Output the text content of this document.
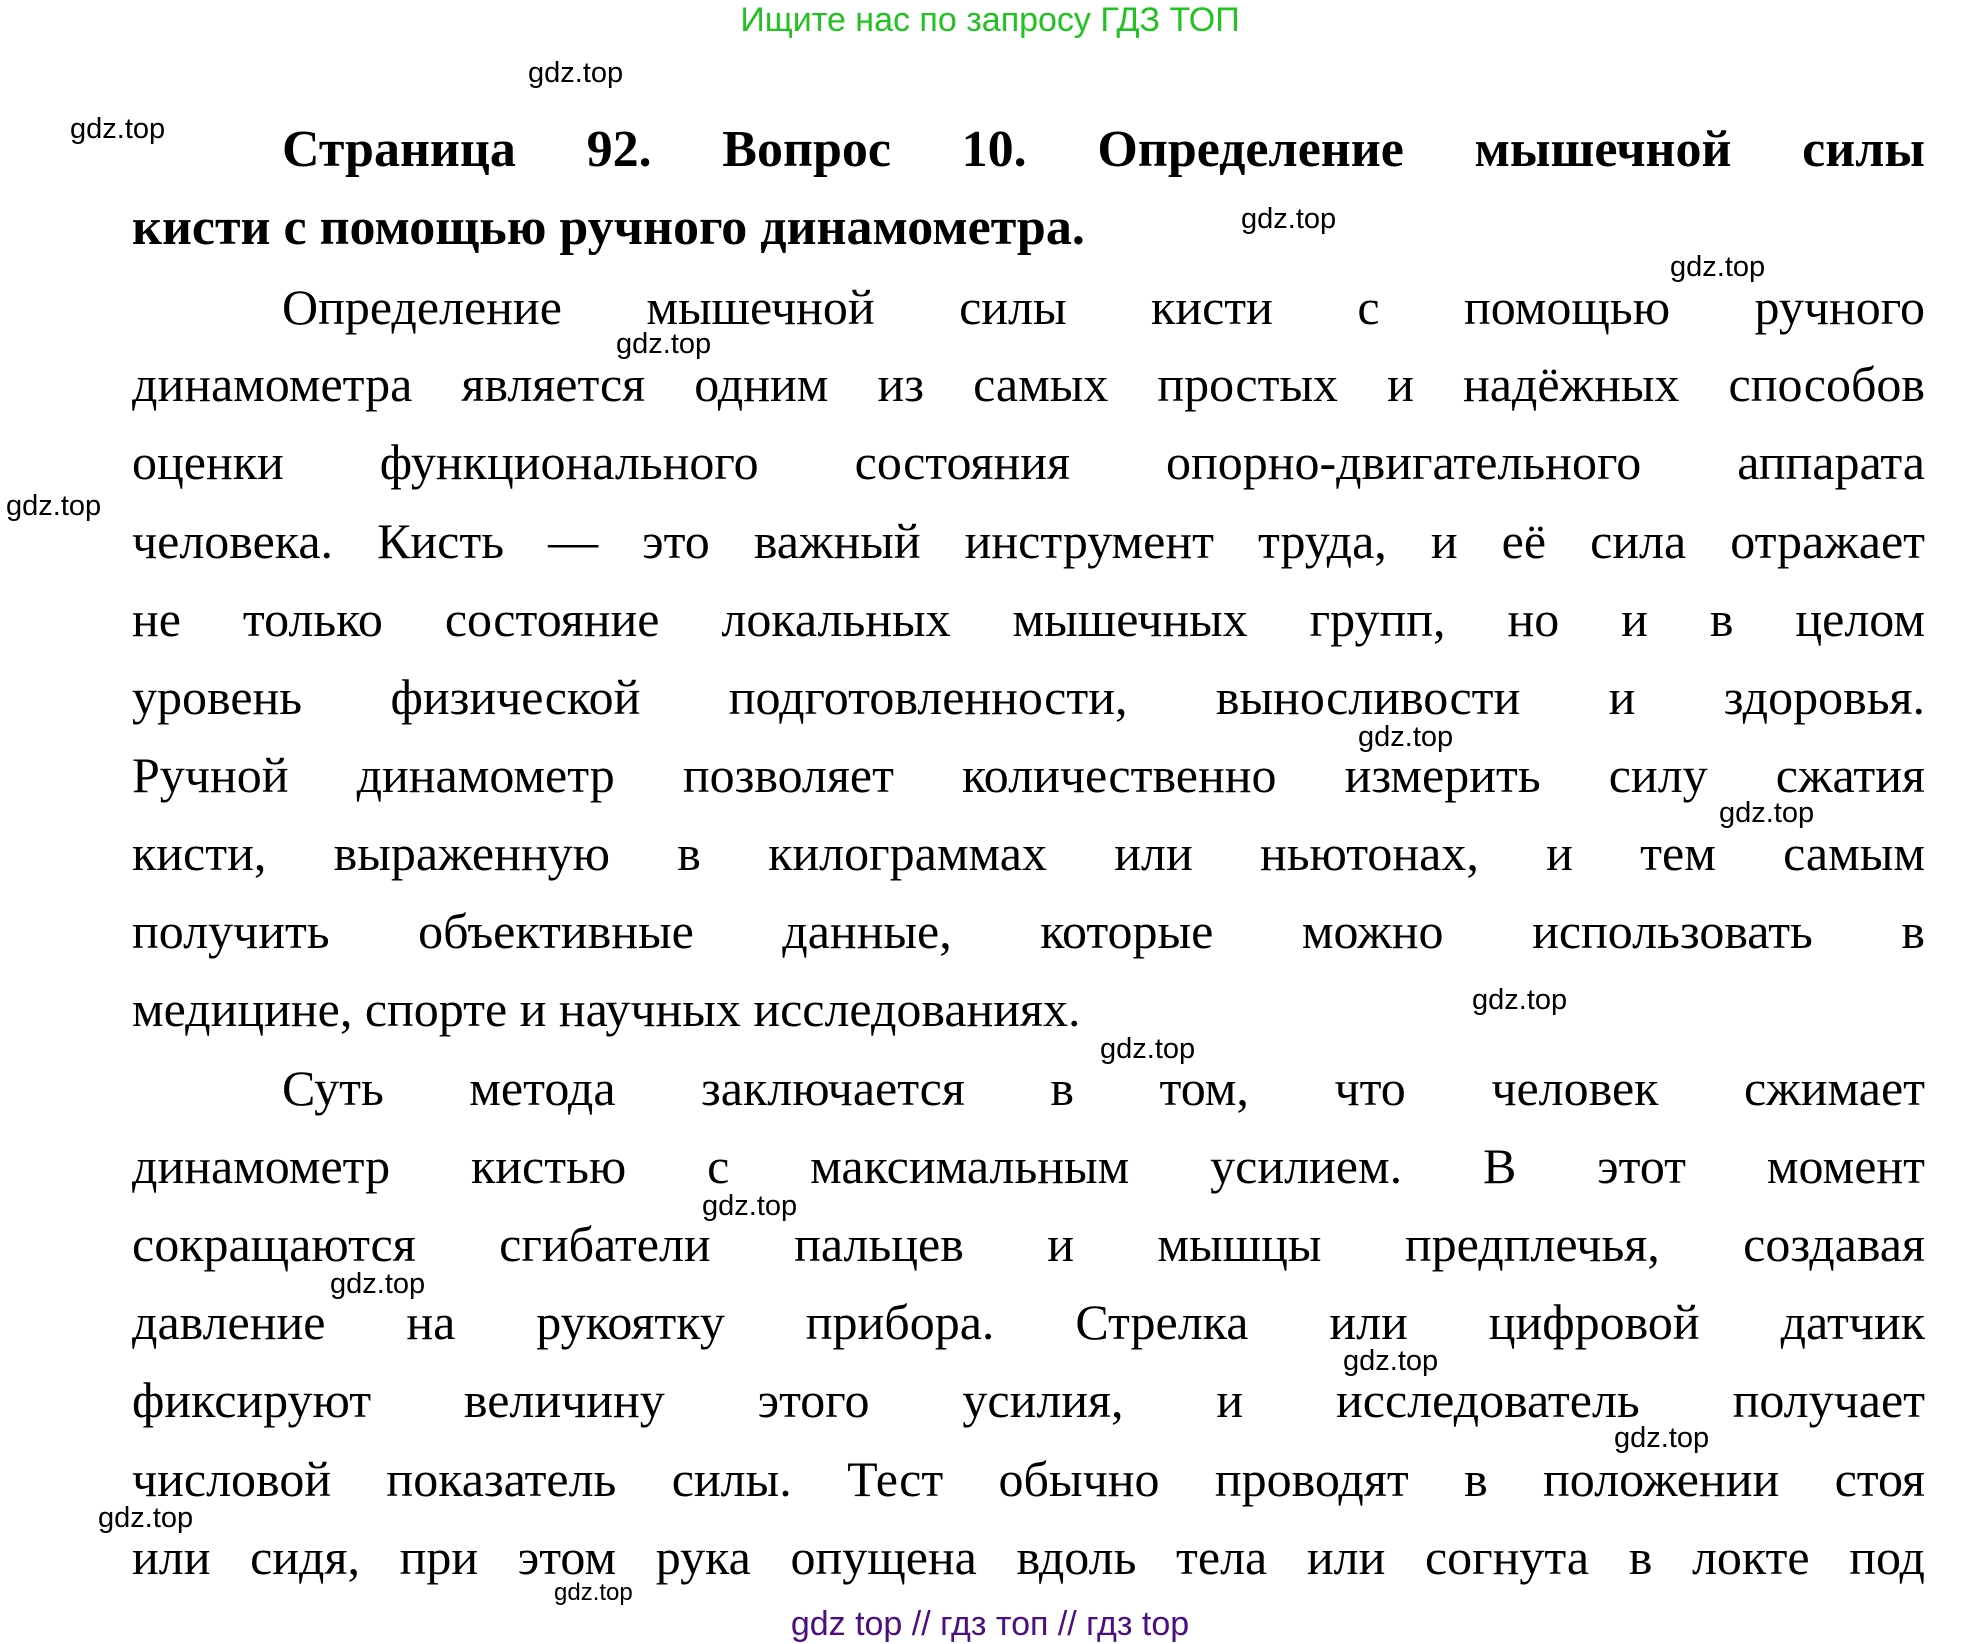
Ищите нас по запросу ГДЗ ТОП
Страница 92. Вопрос 10. Определение мышечной силы
кисти с помощью ручного динамометра.
Определение мышечной силы кисти с помощью ручного
динамометра является одним из самых простых и надёжных способов
оценки функционального состояния опорно-двигательного аппарата
человека. Кисть — это важный инструмент труда, и её сила отражает
не только состояние локальных мышечных групп, но и в целом
уровень физической подготовленности, выносливости и здоровья.
Ручной динамометр позволяет количественно измерить силу сжатия
кисти, выраженную в килограммах или ньютонах, и тем самым
получить объективные данные, которые можно использовать в
медицине, спорте и научных исследованиях.
Суть метода заключается в том, что человек сжимает
динамометр кистью с максимальным усилием. В этот момент
сокращаются сгибатели пальцев и мышцы предплечья, создавая
давление на рукоятку прибора. Стрелка или цифровой датчик
фиксируют величину этого усилия, и исследователь получает
числовой показатель силы. Тест обычно проводят в положении стоя
или сидя, при этом рука опущена вдоль тела или согнута в локте под
gdz.top
gdz.top
gdz.top
gdz.top
gdz.top
gdz.top
gdz.top
gdz.top
gdz.top
gdz.top
gdz.top
gdz.top
gdz.top
gdz.top
gdz.top
gdz.top
gdz top // гдз топ // гдз top
